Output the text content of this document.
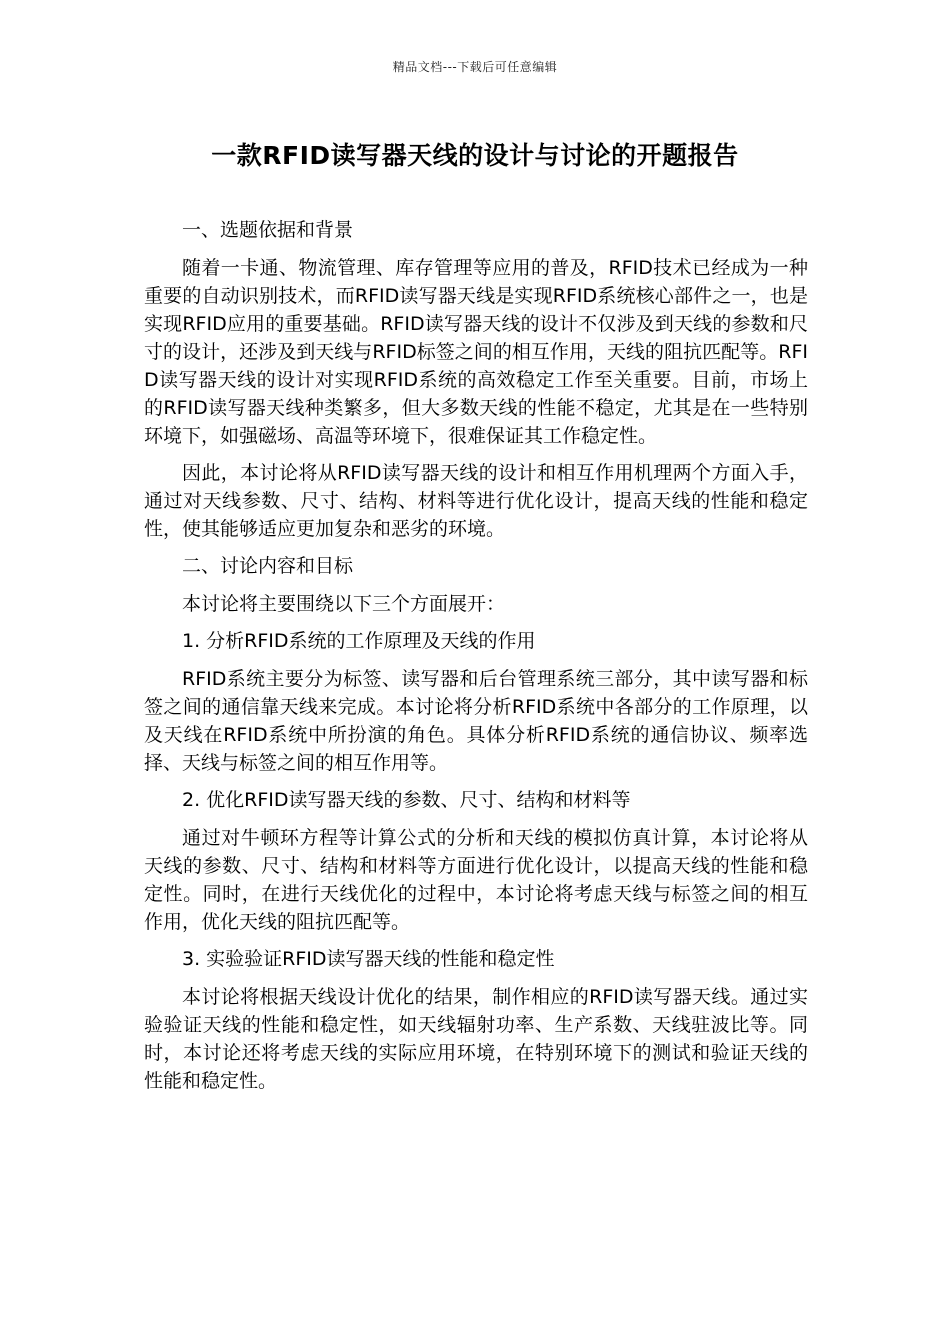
精品文档---下载后可任意编辑
一款RFID读写器天线的设计与讨论的开题报告

一、选题依据和背景

随着一卡通、物流管理、库存管理等应用的普及，RFID技术已经成为一种重要的自动识别技术，而RFID读写器天线是实现RFID系统核心部件之一，也是实现RFID应用的重要基础。RFID读写器天线的设计不仅涉及到天线的参数和尺寸的设计，还涉及到天线与RFID标签之间的相互作用，天线的阻抗匹配等。RFID读写器天线的设计对实现RFID系统的高效稳定工作至关重要。目前，市场上的RFID读写器天线种类繁多，但大多数天线的性能不稳定，尤其是在一些特别环境下，如强磁场、高温等环境下，很难保证其工作稳定性。

因此，本讨论将从RFID读写器天线的设计和相互作用机理两个方面入手，通过对天线参数、尺寸、结构、材料等进行优化设计，提高天线的性能和稳定性，使其能够适应更加复杂和恶劣的环境。

二、讨论内容和目标

本讨论将主要围绕以下三个方面展开：

1. 分析RFID系统的工作原理及天线的作用

RFID系统主要分为标签、读写器和后台管理系统三部分，其中读写器和标签之间的通信靠天线来完成。本讨论将分析RFID系统中各部分的工作原理，以及天线在RFID系统中所扮演的角色。具体分析RFID系统的通信协议、频率选择、天线与标签之间的相互作用等。

2. 优化RFID读写器天线的参数、尺寸、结构和材料等

通过对牛顿环方程等计算公式的分析和天线的模拟仿真计算，本讨论将从天线的参数、尺寸、结构和材料等方面进行优化设计，以提高天线的性能和稳定性。同时，在进行天线优化的过程中，本讨论将考虑天线与标签之间的相互作用，优化天线的阻抗匹配等。

3. 实验验证RFID读写器天线的性能和稳定性

本讨论将根据天线设计优化的结果，制作相应的RFID读写器天线。通过实验验证天线的性能和稳定性，如天线辐射功率、生产系数、天线驻波比等。同时，本讨论还将考虑天线的实际应用环境，在特别环境下的测试和验证天线的性能和稳定性。
